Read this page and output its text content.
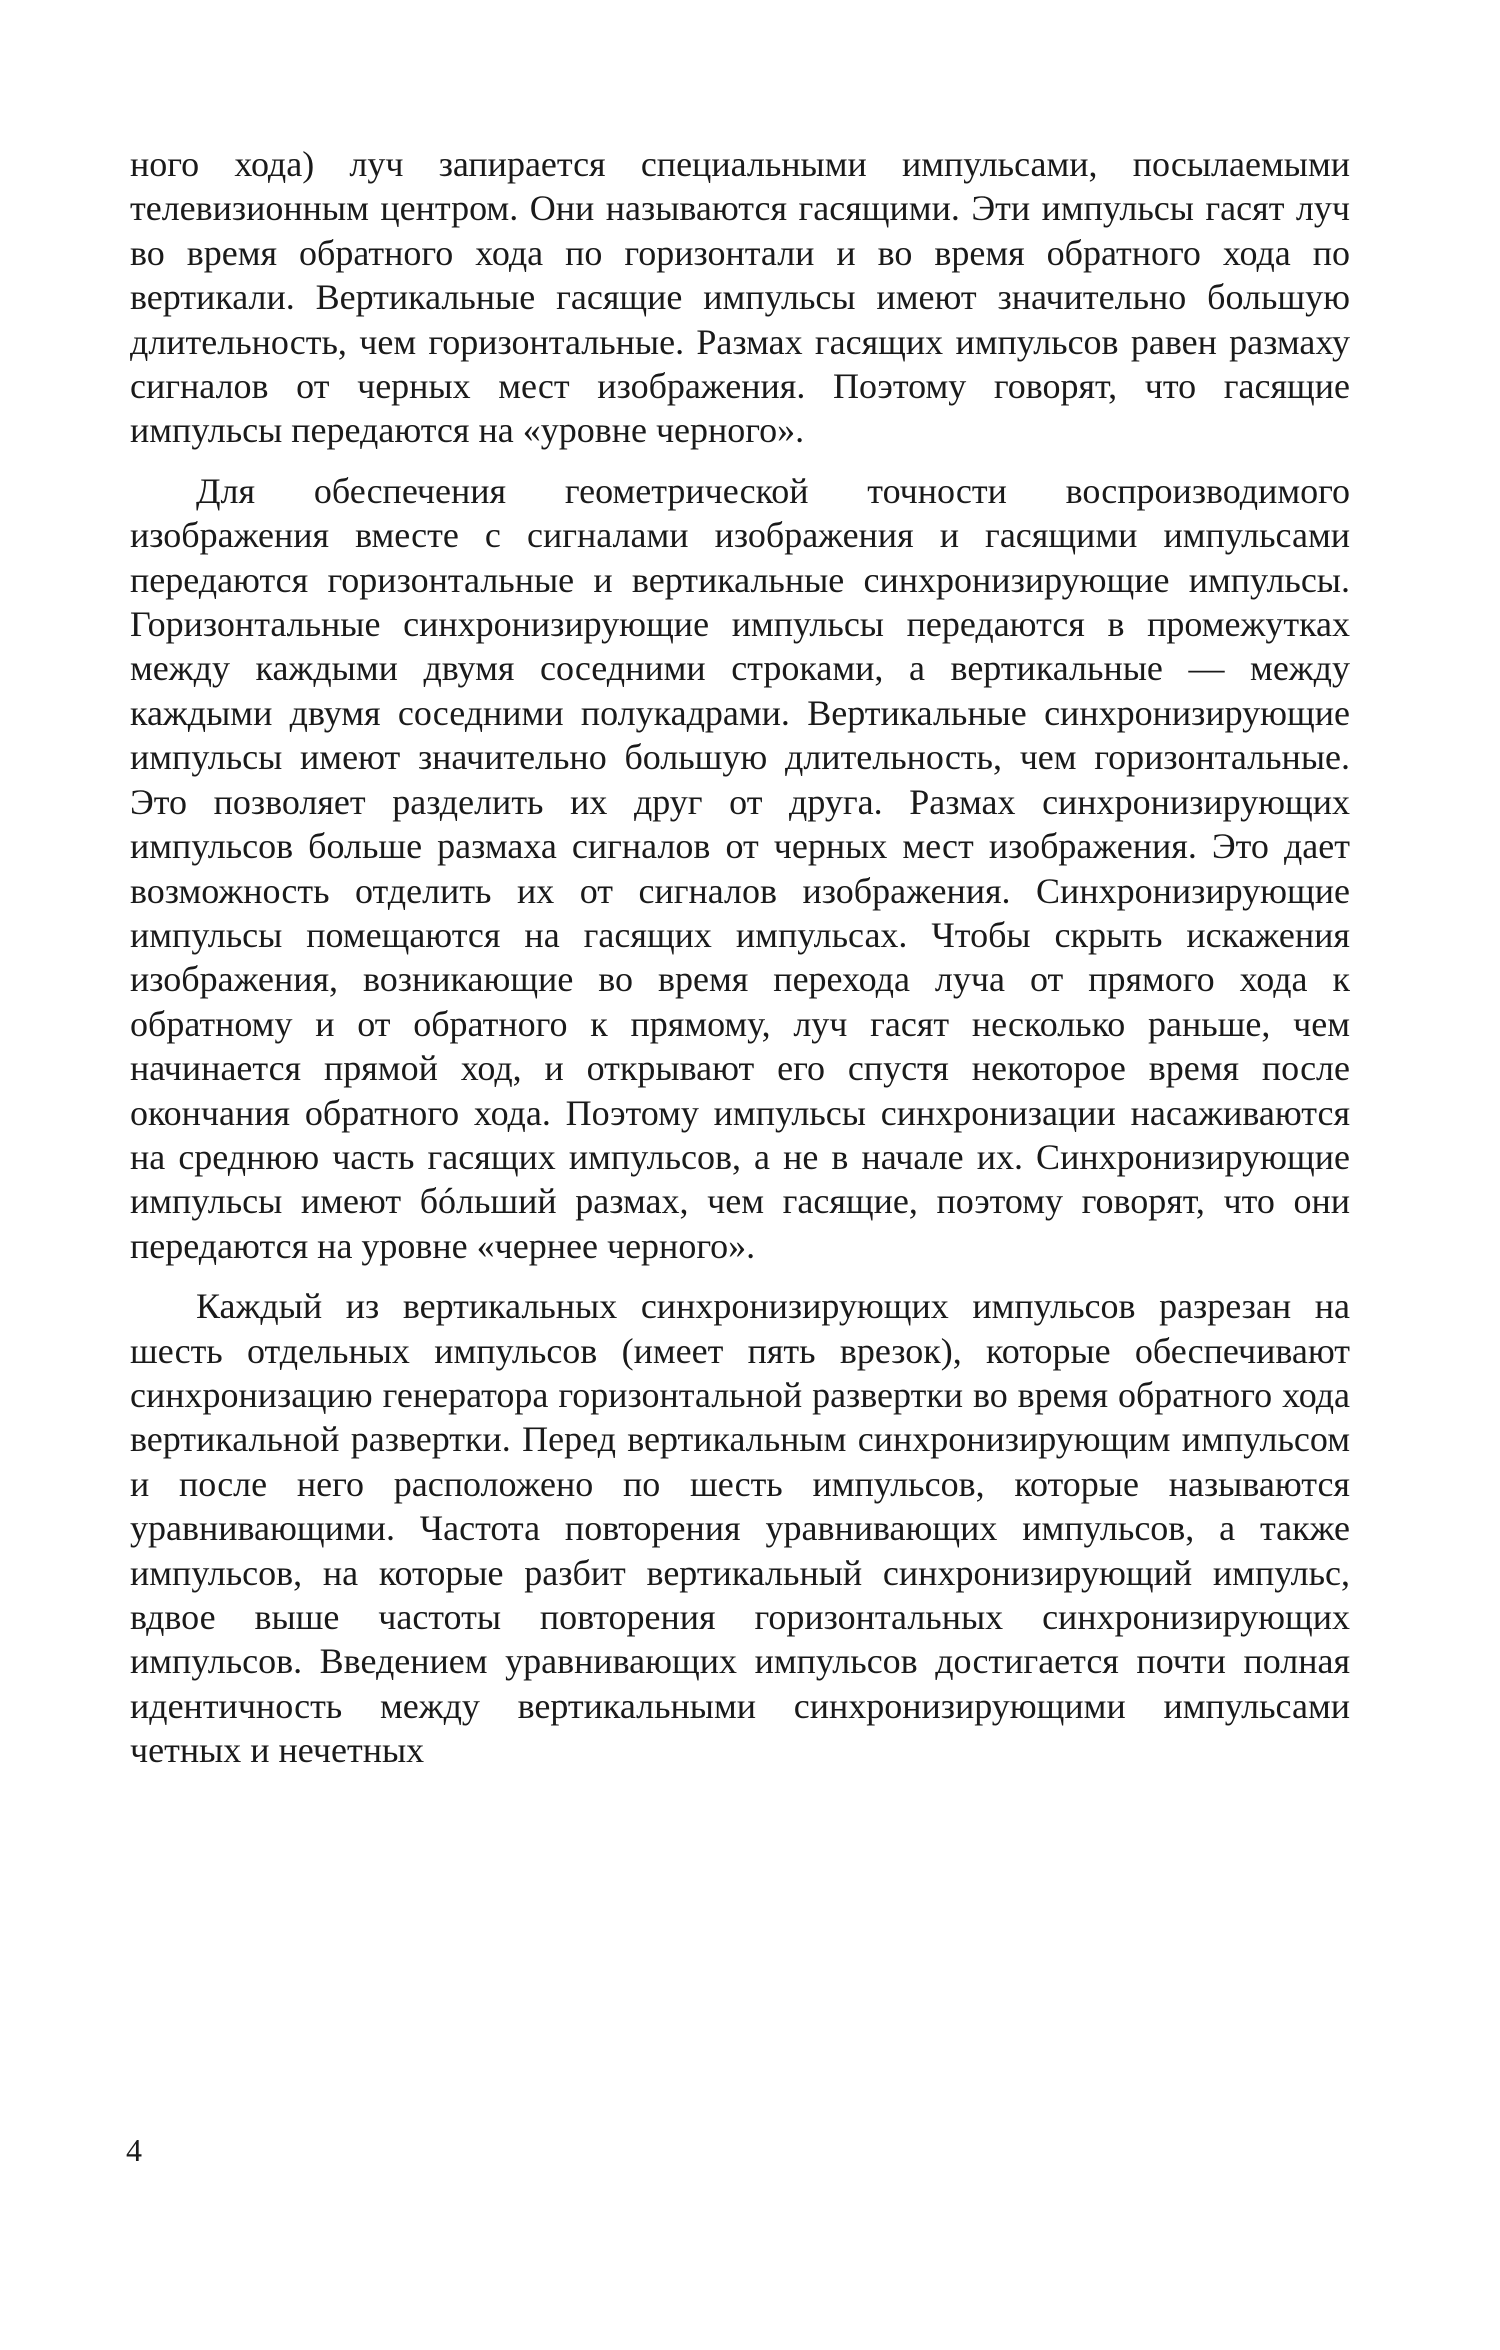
ного хода) луч запирается специальными импульсами, посылаемыми телевизионным центром. Они называются гасящими. Эти импульсы гасят луч во время обратного хода по горизонтали и во время обратного хода по вертикали. Вертикальные гасящие импульсы имеют значительно большую длительность, чем горизонтальные. Размах гасящих импульсов равен размаху сигналов от черных мест изображения. Поэтому говорят, что гасящие импульсы передаются на «уровне черного».

Для обеспечения геометрической точности воспроизводимого изображения вместе с сигналами изображения и гасящими импульсами передаются горизонтальные и вертикальные синхронизирующие импульсы. Горизонтальные синхронизирующие импульсы передаются в промежутках между каждыми двумя соседними строками, а вертикальные — между каждыми двумя соседними полукадрами. Вертикальные синхронизирующие импульсы имеют значительно большую длительность, чем горизонтальные. Это позволяет разделить их друг от друга. Размах синхронизирующих импульсов больше размаха сигналов от черных мест изображения. Это дает возможность отделить их от сигналов изображения. Синхронизирующие импульсы помещаются на гасящих импульсах. Чтобы скрыть искажения изображения, возникающие во время перехода луча от прямого хода к обратному и от обратного к прямому, луч гасят несколько раньше, чем начинается прямой ход, и открывают его спустя некоторое время после окончания обратного хода. Поэтому импульсы синхронизации насаживаются на среднюю часть гасящих импульсов, а не в начале их. Синхронизирующие импульсы имеют бóльший размах, чем гасящие, поэтому говорят, что они передаются на уровне «чернее черного».

Каждый из вертикальных синхронизирующих импульсов разрезан на шесть отдельных импульсов (имеет пять врезок), которые обеспечивают синхронизацию генератора горизонтальной развертки во время обратного хода вертикальной развертки. Перед вертикальным синхронизирующим импульсом и после него расположено по шесть импульсов, которые называются уравнивающими. Частота повторения уравнивающих импульсов, а также импульсов, на которые разбит вертикальный синхронизирующий импульс, вдвое выше частоты повторения горизонтальных синхронизирующих импульсов. Введением уравнивающих импульсов достигается почти полная идентичность между вертикальными синхронизирующими импульсами четных и нечетных

4
